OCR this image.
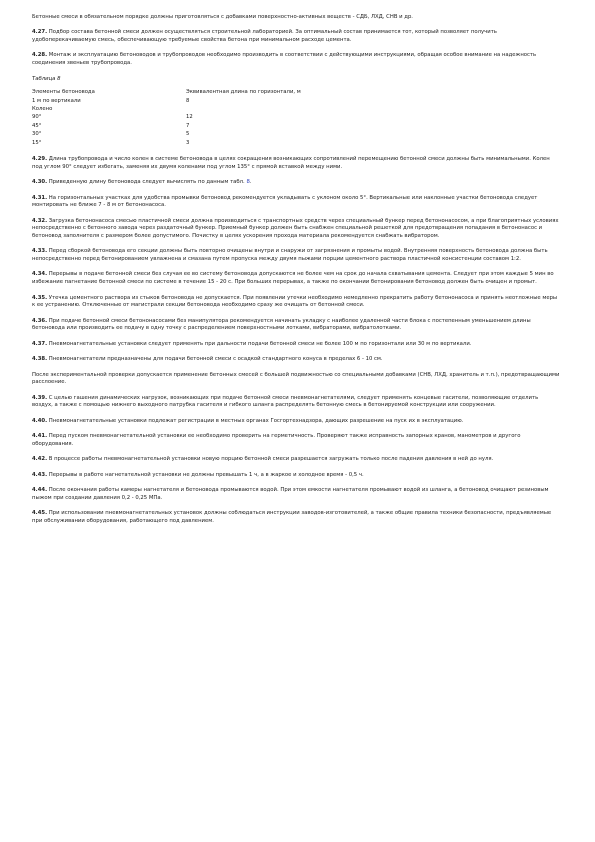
Бетонные смеси в обязательном порядке должны приготовляться с добавками поверхностно-активных веществ - СДБ, ЛХД, СНВ и др.

4.27. Подбор состава бетонной смеси должен осуществляться строительной лабораторией. За оптимальный состав принимается тот, который позволяет получить удобоперекачиваемую смесь, обеспечивающую требуемые свойства бетона при минимальном расходе цемента.

4.28. Монтаж и эксплуатацию бетоноводов и трубопроводов необходимо производить в соответствии с действующими инструкциями, обращая особое внимание на надежность соединения звеньев трубопровода.

Таблица 8

Элементы бетоновода	Эквивалентная длина по горизонтали, м
1 м по вертикали	8
Колено	
90°	12
45°	7
30°	5
15°	3

4.29. Длина трубопровода и число колен в системе бетоновода в целях сокращения возникающих сопротивлений перемещению бетонной смеси должны быть минимальными. Колен под углом 90° следует избегать, заменяя их двумя коленами под углом 135° с прямой вставкой между ними.

4.30. Приведенную длину бетоновода следует вычислять по данным табл. 8.

4.31. На горизонтальных участках для удобства промывки бетоновод рекомендуется укладывать с уклоном около 5°. Вертикальные или наклонные участки бетоновода следует монтировать не ближе 7 - 8 м от бетононасоса.

4.32. Загрузка бетононасоса смесью пластичной смеси должна производиться с транспортных средств через специальный бункер перед бетононасосом, а при благоприятных условиях непосредственно с бетонного завода через раздаточный бункер. Приемный бункер должен быть снабжен специальной решеткой для предотвращения попадания в бетононасос и бетоновод заполнителя с размером более допустимого. Почистку в целях ускорения прохода материала рекомендуется снабжать вибратором.

4.33. Перед сборкой бетоновода его секции должны быть повторно очищены внутри и снаружи от загрязнения и промыты водой. Внутренняя поверхность бетоновода должна быть непосредственно перед бетонированием увлажнена и смазана путем пропуска между двумя пыжами порции цементного раствора пластичной консистенции составом 1:2.

4.34. Перерывы в подаче бетонной смеси без случая ее во систему бетоновода допускаются не более чем на срок до начала схватывания цемента. Следует при этом каждые 5 мин во избежание пагнетание бетонной смеси по системе в течение 15 - 20 с. При больших перерывах, а также по окончании бетонирования бетоновод должен быть очищен и промыт.

4.35. Утечка цементного раствора из стыков бетоновода не допускается. При появлении утечки необходимо немедленно прекратить работу бетононасоса и принять неотложные меры к ее устранению. Отключенные от магистрали секции бетоновода необходимо сразу же очищать от бетонной смеси.

4.36. При подаче бетонной смеси бетононасосами без манипулятора рекомендуется начинать укладку с наиболее удаленной части блока с постепенным уменьшением длины бетоновода или производить ее подачу в одну точку с распределением поверхностными лотками, вибраторами, вибратолотками.

4.37. Пневмонагнетательные установки следует применять при дальности подачи бетонной смеси не более 100 м по горизонтали или 30 м по вертикали.

4.38. Пневмонагнетатели предназначены для подачи бетонной смеси с осадкой стандартного конуса в пределах 6 - 10 см.

После экспериментальной проверки допускается применение бетонных смесей с большей подвижностью со специальными добавками (СНВ, ЛХД, хранитель и т.п.), предотвращающими расслоение.

4.39. С целью гашения динамических нагрузок, возникающих при подаче бетонной смеси пневмонагнетателями, следует применять концевые гасители, позволяющие отделить воздух, а также с помощью нижнего выходного патрубка гасителя и гибкого шланга распределять бетонную смесь в бетонируемой конструкции или сооружении.

4.40. Пневмонагнетательные установки подлежат регистрации в местных органах Госгортехнадзора, дающих разрешение на пуск их в эксплуатацию.

4.41. Перед пуском пневмонагнетательной установки ее необходимо проверить на герметичность. Проверяют также исправность запорных кранов, манометров и другого оборудования.

4.42. В процессе работы пневмонагнетательной установки новую порцию бетонной смеси разрешается загружать только после падения давления в ней до нуля.

4.43. Перерывы в работе нагнетательной установки не должны превышать 1 ч, а в жаркое и холодное время - 0,5 ч.

4.44. После окончания работы камеры нагнетателя и бетоновода промываются водой. При этом емкости нагнетателя промывают водой из шланга, а бетоновод очищают резиновым пыжом при создании давления 0,2 - 0,25 МПа.

4.45. При использовании пневмонагнетательных установок должны соблюдаться инструкции заводов-изготовителей, а также общие правила техники безопасности, предъявляемые при обслуживании оборудования, работающего под давлением.
